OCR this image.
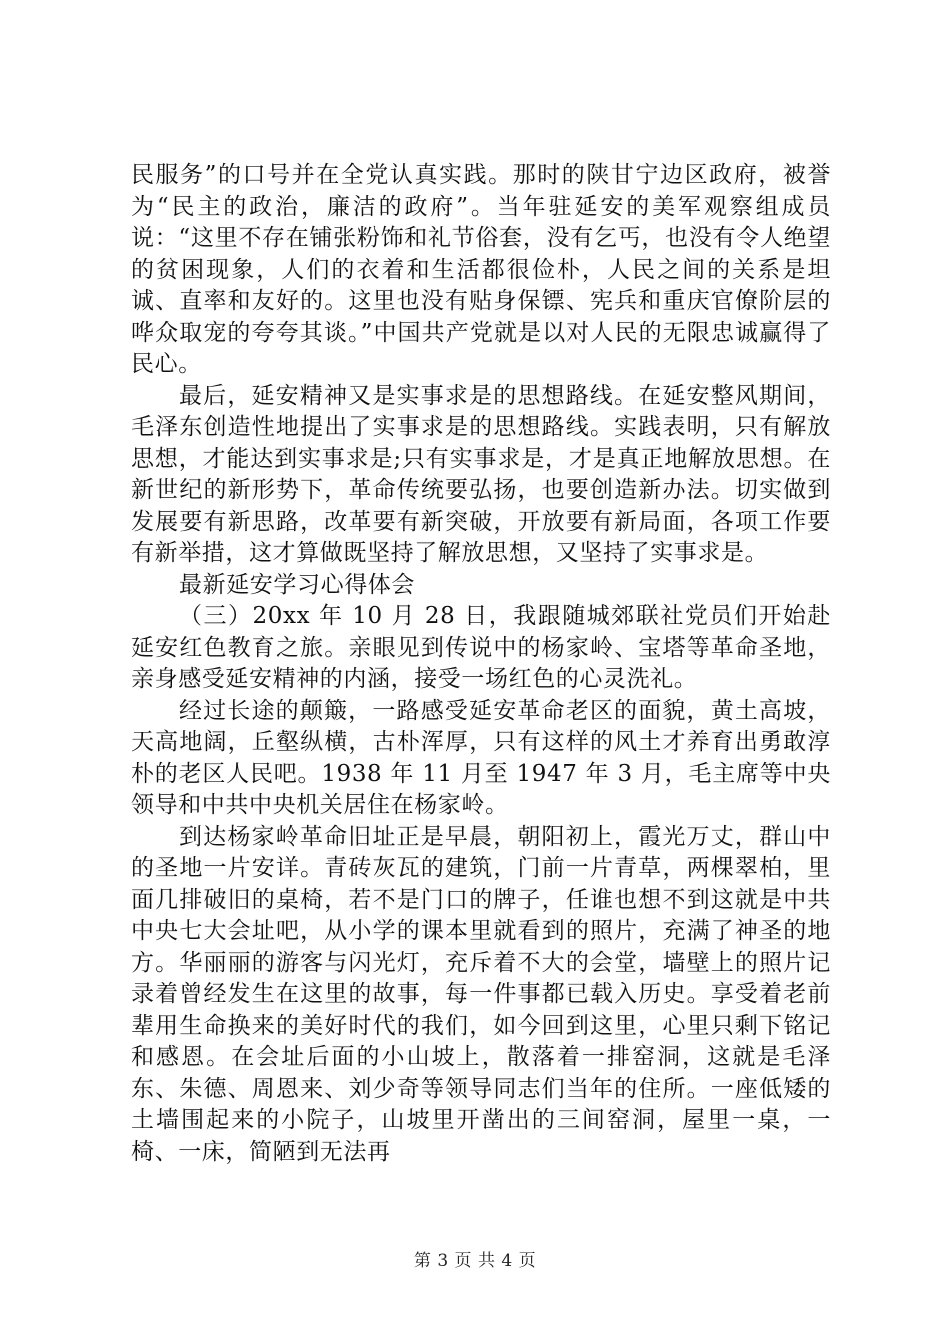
民服务”的口号并在全党认真实践。那时的陕甘宁边区政府，被誉为“民主的政治，廉洁的政府”。当年驻延安的美军观察组成员说：“这里不存在铺张粉饰和礼节俗套，没有乞丐，也没有令人绝望的贫困现象，人们的衣着和生活都很俭朴，人民之间的关系是坦诚、直率和友好的。这里也没有贴身保镖、宪兵和重庆官僚阶层的哗众取宠的夸夸其谈。”中国共产党就是以对人民的无限忠诚赢得了民心。

最后，延安精神又是实事求是的思想路线。在延安整风期间，毛泽东创造性地提出了实事求是的思想路线。实践表明，只有解放思想，才能达到实事求是;只有实事求是，才是真正地解放思想。在新世纪的新形势下，革命传统要弘扬，也要创造新办法。切实做到发展要有新思路，改革要有新突破，开放要有新局面，各项工作要有新举措，这才算做既坚持了解放思想，又坚持了实事求是。

最新延安学习心得体会

（三）20xx 年 10 月 28 日，我跟随城郊联社党员们开始赴延安红色教育之旅。亲眼见到传说中的杨家岭、宝塔等革命圣地，亲身感受延安精神的内涵，接受一场红色的心灵洗礼。

经过长途的颠簸，一路感受延安革命老区的面貌，黄土高坡，天高地阔，丘壑纵横，古朴浑厚，只有这样的风土才养育出勇敢淳朴的老区人民吧。1938 年 11 月至 1947 年 3 月，毛主席等中央领导和中共中央机关居住在杨家岭。

到达杨家岭革命旧址正是早晨，朝阳初上，霞光万丈，群山中的圣地一片安详。青砖灰瓦的建筑，门前一片青草，两棵翠柏，里面几排破旧的桌椅，若不是门口的牌子，任谁也想不到这就是中共中央七大会址吧，从小学的课本里就看到的照片，充满了神圣的地方。华丽丽的游客与闪光灯，充斥着不大的会堂，墙壁上的照片记录着曾经发生在这里的故事，每一件事都已载入历史。享受着老前辈用生命换来的美好时代的我们，如今回到这里，心里只剩下铭记和感恩。在会址后面的小山坡上，散落着一排窑洞，这就是毛泽东、朱德、周恩来、刘少奇等领导同志们当年的住所。一座低矮的土墙围起来的小院子，山坡里开凿出的三间窑洞，屋里一桌，一椅、一床，简陋到无法再

第 3 页 共 4 页
